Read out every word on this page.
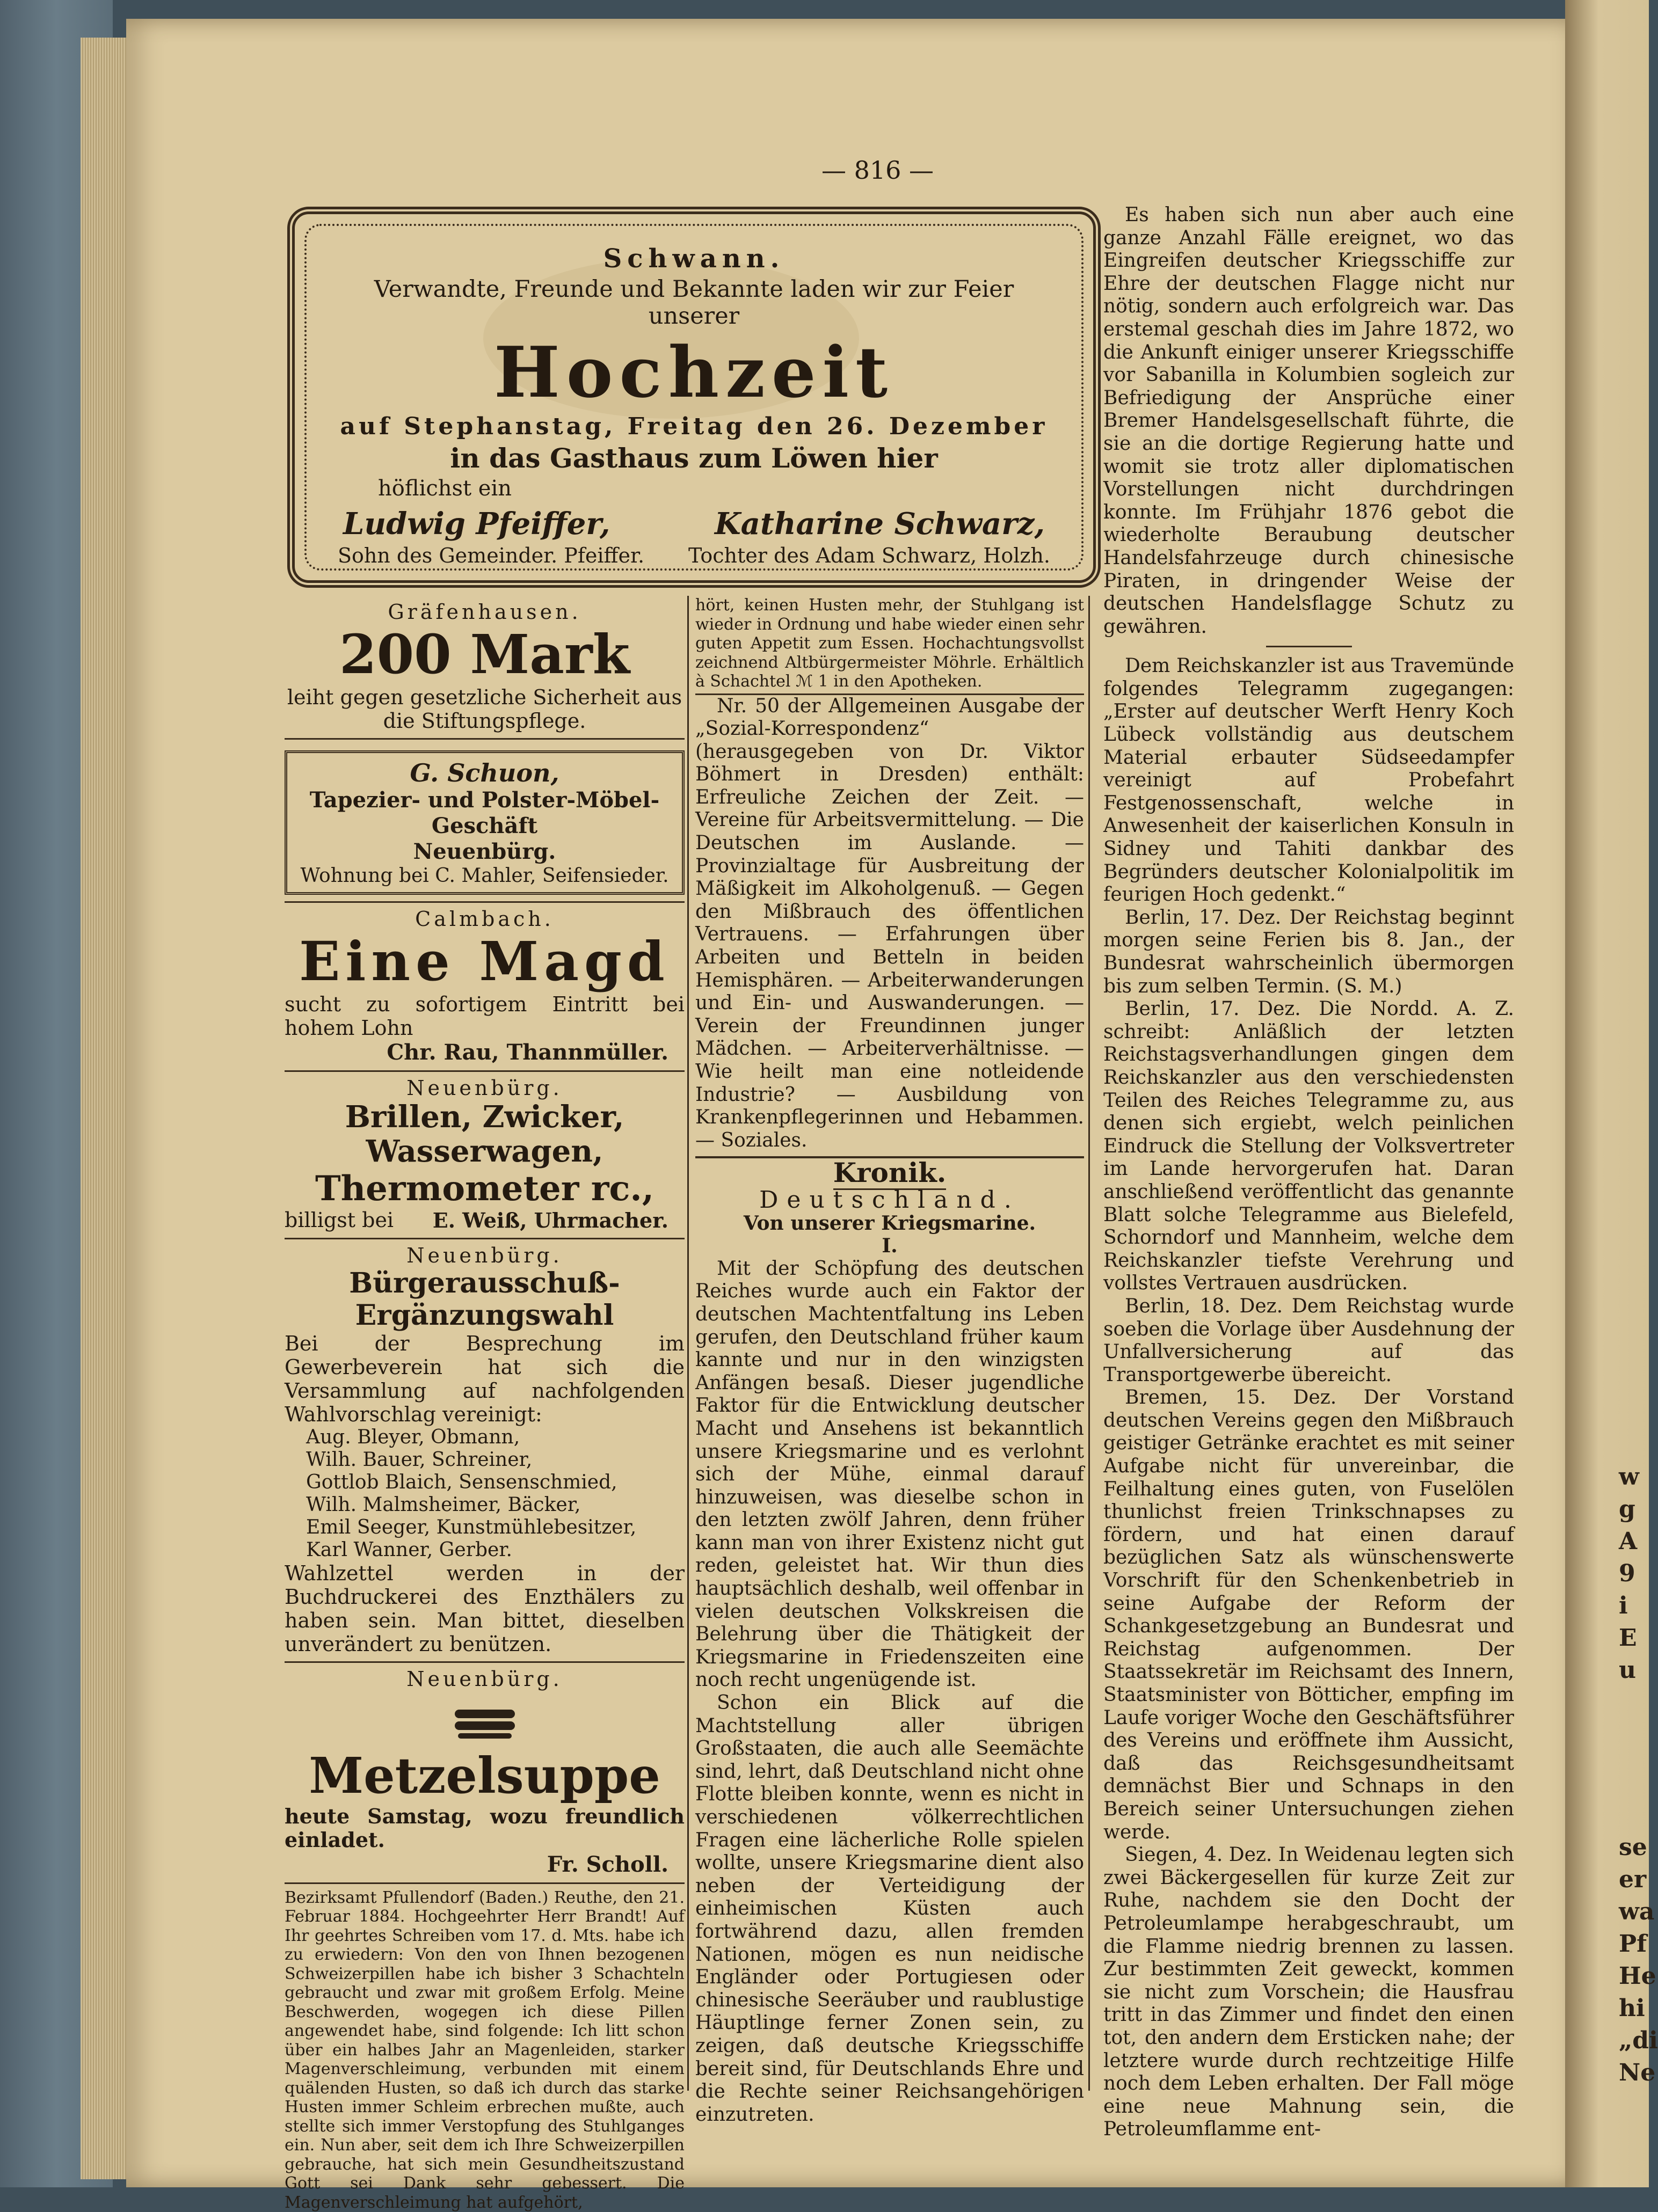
— 816 —
Schwann.
Verwandte, Freunde und Bekannte laden wir zur Feier unserer
Hochzeit
auf Stephanstag, Freitag den 26. Dezember
in das Gasthaus zum Löwen hier
höflichst ein
Ludwig Pfeiffer,	Katharine Schwarz,
Sohn des Gemeinder. Pfeiffer. Tochter des Adam Schwarz, Holzh.
Gräfenhausen.
200 Mark
leiht gegen gesetzliche Sicherheit aus die Stiftungspflege.
G. Schuon,
Tapezier- und Polster-Möbel-Geschäft
Neuenbürg.
Wohnung bei C. Mahler, Seifensieder.
Calmbach.
Eine Magd
sucht zu sofortigem Eintritt bei hohem Lohn
Chr. Rau, Thannmüller.
Neuenbürg.
Brillen, Zwicker, Wasserwagen,
Thermometer rc.,
billigst bei E. Weiß, Uhrmacher.
Neuenbürg.
Bürgerausschuß-Ergänzungswahl
Bei der Besprechung im Gewerbeverein hat sich die Versammlung auf nachfolgenden Wahlvorschlag vereinigt:
Aug. Bleyer, Obmann,
Wilh. Bauer, Schreiner,
Gottlob Blaich, Sensenschmied,
Wilh. Malmsheimer, Bäcker,
Emil Seeger, Kunstmühlebesitzer,
Karl Wanner, Gerber.
Wahlzettel werden in der Buchdruckerei des Enzthälers zu haben sein. Man bittet, dieselben unverändert zu benützen.
Neuenbürg.
Metzelsuppe
heute Samstag, wozu freundlich einladet.
Fr. Scholl.
Bezirksamt Pfullendorf (Baden.) Reuthe, den 21. Februar 1884. Hochgeehrter Herr Brandt! Auf Ihr geehrtes Schreiben vom 17. d. Mts. habe ich zu erwiedern: Von den von Ihnen bezogenen Schweizerpillen habe ich bisher 3 Schachteln gebraucht und zwar mit großem Erfolg. Meine Beschwerden, wogegen ich diese Pillen angewendet habe, sind folgende: Ich litt schon über ein halbes Jahr an Magenleiden, starker Magenverschleimung, verbunden mit einem quälenden Husten, so daß ich durch das starke Husten immer Schleim erbrechen mußte, auch stellte sich immer Verstopfung des Stuhlganges ein. Nun aber, seit dem ich Ihre Schweizerpillen gebrauche, hat sich mein Gesundheitszustand Gott sei Dank sehr gebessert. Die Magenverschleimung hat aufgehört,
hört, keinen Husten mehr, der Stuhlgang ist wieder in Ordnung und habe wieder einen sehr guten Appetit zum Essen. Hochachtungsvollst zeichnend Altbürgermeister Möhrle. Erhältlich à Schachtel ℳ 1 in den Apotheken.

Nr. 50 der Allgemeinen Ausgabe der „Sozial-Korrespondenz“ (herausgegeben von Dr. Viktor Böhmert in Dresden) enthält: Erfreuliche Zeichen der Zeit. — Vereine für Arbeitsvermittelung. — Die Deutschen im Auslande. — Provinzialtage für Ausbreitung der Mäßigkeit im Alkoholgenuß. — Gegen den Mißbrauch des öffentlichen Vertrauens. — Erfahrungen über Arbeiten und Betteln in beiden Hemisphären. — Arbeiterwanderungen und Ein- und Auswanderungen. — Verein der Freundinnen junger Mädchen. — Arbeiterverhältnisse. — Wie heilt man eine notleidende Industrie? — Ausbildung von Krankenpflegerinnen und Hebammen. — Soziales.

Kronik.
Deutschland.
Von unserer Kriegsmarine.
I.

Mit der Schöpfung des deutschen Reiches wurde auch ein Faktor der deutschen Machtentfaltung ins Leben gerufen, den Deutschland früher kaum kannte und nur in den winzigsten Anfängen besaß. Dieser jugendliche Faktor für die Entwicklung deutscher Macht und Ansehens ist bekanntlich unsere Kriegsmarine und es verlohnt sich der Mühe, einmal darauf hinzuweisen, was dieselbe schon in den letzten zwölf Jahren, denn früher kann man von ihrer Existenz nicht gut reden, geleistet hat. Wir thun dies hauptsächlich deshalb, weil offenbar in vielen deutschen Volkskreisen die Belehrung über die Thätigkeit der Kriegsmarine in Friedenszeiten eine noch recht ungenügende ist.

Schon ein Blick auf die Machtstellung aller übrigen Großstaaten, die auch alle Seemächte sind, lehrt, daß Deutschland nicht ohne Flotte bleiben konnte, wenn es nicht in verschiedenen völkerrechtlichen Fragen eine lächerliche Rolle spielen wollte, unsere Kriegsmarine dient also neben der Verteidigung der einheimischen Küsten auch fortwährend dazu, allen fremden Nationen, mögen es nun neidische Engländer oder Portugiesen oder chinesische Seeräuber und raublustige Häuptlinge ferner Zonen sein, zu zeigen, daß deutsche Kriegsschiffe bereit sind, für Deutschlands Ehre und die Rechte seiner Reichsangehörigen einzutreten.

Es haben sich nun aber auch eine ganze Anzahl Fälle ereignet, wo das Eingreifen deutscher Kriegsschiffe zur Ehre der deutschen Flagge nicht nur nötig, sondern auch erfolgreich war. Das erstemal geschah dies im Jahre 1872, wo die Ankunft einiger unserer Kriegsschiffe vor Sabanilla in Kolumbien sogleich zur Befriedigung der Ansprüche einer Bremer Handelsgesellschaft führte, die sie an die dortige Regierung hatte und womit sie trotz aller diplomatischen Vorstellungen nicht durchdringen konnte. Im Frühjahr 1876 gebot die wiederholte Beraubung deutscher Handelsfahrzeuge durch chinesische Piraten, in dringender Weise der deutschen Handelsflagge Schutz zu gewähren.

Dem Reichskanzler ist aus Travemünde folgendes Telegramm zugegangen: „Erster auf deutscher Werft Henry Koch Lübeck vollständig aus deutschem Material erbauter Südseedampfer vereinigt auf Probefahrt Festgenossenschaft, welche in Anwesenheit der kaiserlichen Konsuln in Sidney und Tahiti dankbar des Begründers deutscher Kolonialpolitik im feurigen Hoch gedenkt.“

Berlin, 17. Dez. Der Reichstag beginnt morgen seine Ferien bis 8. Jan., der Bundesrat wahrscheinlich übermorgen bis zum selben Termin. (S. M.)

Berlin, 17. Dez. Die Nordd. A. Z. schreibt: Anläßlich der letzten Reichstagsverhandlungen gingen dem Reichskanzler aus den verschiedensten Teilen des Reiches Telegramme zu, aus denen sich ergiebt, welch peinlichen Eindruck die Stellung der Volksvertreter im Lande hervorgerufen hat. Daran anschließend veröffentlicht das genannte Blatt solche Telegramme aus Bielefeld, Schorndorf und Mannheim, welche dem Reichskanzler tiefste Verehrung und vollstes Vertrauen ausdrücken.

Berlin, 18. Dez. Dem Reichstag wurde soeben die Vorlage über Ausdehnung der Unfallversicherung auf das Transportgewerbe übereicht.

Bremen, 15. Dez. Der Vorstand deutschen Vereins gegen den Mißbrauch geistiger Getränke erachtet es mit seiner Aufgabe nicht für unvereinbar, die Feilhaltung eines guten, von Fuselölen thunlichst freien Trinkschnapses zu fördern, und hat einen darauf bezüglichen Satz als wünschenswerte Vorschrift für den Schenkenbetrieb in seine Aufgabe der Reform der Schankgesetzgebung an Bundesrat und Reichstag aufgenommen. Der Staatssekretär im Reichsamt des Innern, Staatsminister von Bötticher, empfing im Laufe voriger Woche den Geschäftsführer des Vereins und eröffnete ihm Aussicht, daß das Reichsgesundheitsamt demnächst Bier und Schnaps in den Bereich seiner Untersuchungen ziehen werde.

Siegen, 4. Dez. In Weidenau legten sich zwei Bäckergesellen für kurze Zeit zur Ruhe, nachdem sie den Docht der Petroleumlampe herabgeschraubt, um die Flamme niedrig brennen zu lassen. Zur bestimmten Zeit geweckt, kommen sie nicht zum Vorschein; die Hausfrau tritt in das Zimmer und findet den einen tot, den andern dem Ersticken nahe; der letztere wurde durch rechtzeitige Hilfe noch dem Leben erhalten. Der Fall möge eine neue Mahnung sein, die Petroleumflamme ent-

w
g
A
9
i
E
u
se
er
wa
Pf
He
hi
„di
Ne
